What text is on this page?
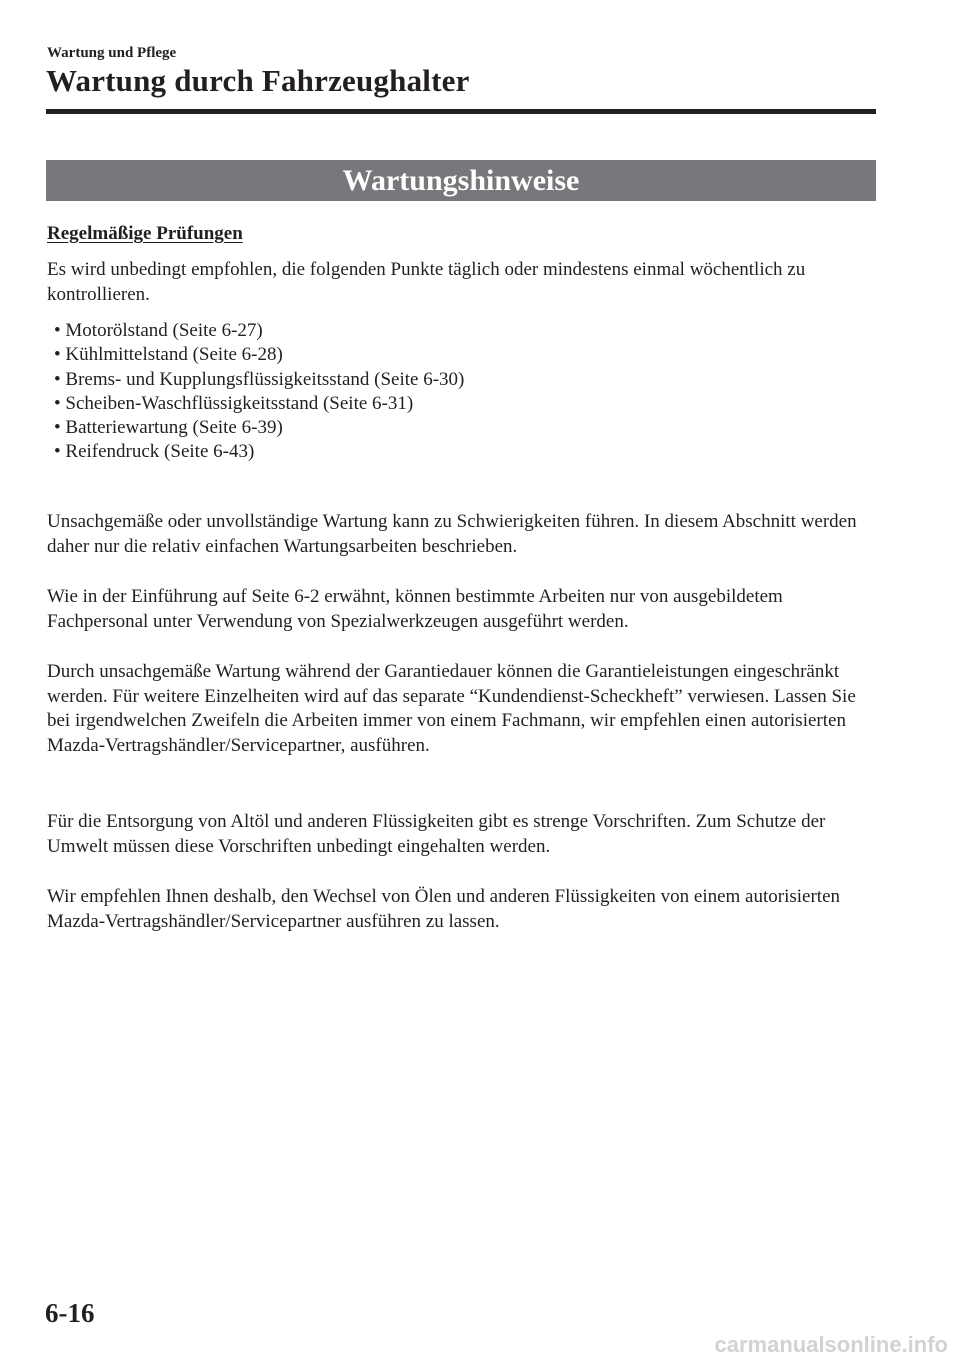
Wartung und Pflege
Wartung durch Fahrzeughalter
Wartungshinweise
Regelmäßige Prüfungen

Es wird unbedingt empfohlen, die folgenden Punkte täglich oder mindestens einmal wöchentlich zu kontrollieren.

• Motorölstand (Seite 6-27)
• Kühlmittelstand (Seite 6-28)
• Brems- und Kupplungsflüssigkeitsstand (Seite 6-30)
• Scheiben-Waschflüssigkeitsstand (Seite 6-31)
• Batteriewartung (Seite 6-39)
• Reifendruck (Seite 6-43)

Unsachgemäße oder unvollständige Wartung kann zu Schwierigkeiten führen. In diesem Abschnitt werden daher nur die relativ einfachen Wartungsarbeiten beschrieben.

Wie in der Einführung auf Seite 6-2 erwähnt, können bestimmte Arbeiten nur von ausgebildetem Fachpersonal unter Verwendung von Spezialwerkzeugen ausgeführt werden.

Durch unsachgemäße Wartung während der Garantiedauer können die Garantieleistungen eingeschränkt werden. Für weitere Einzelheiten wird auf das separate “Kundendienst-Scheckheft” verwiesen. Lassen Sie bei irgendwelchen Zweifeln die Arbeiten immer von einem Fachmann, wir empfehlen einen autorisierten Mazda-Vertragshändler/Servicepartner, ausführen.

Für die Entsorgung von Altöl und anderen Flüssigkeiten gibt es strenge Vorschriften. Zum Schutze der Umwelt müssen diese Vorschriften unbedingt eingehalten werden.

Wir empfehlen Ihnen deshalb, den Wechsel von Ölen und anderen Flüssigkeiten von einem autorisierten Mazda-Vertragshändler/Servicepartner ausführen zu lassen.

6-16
carmanualsonline.info
